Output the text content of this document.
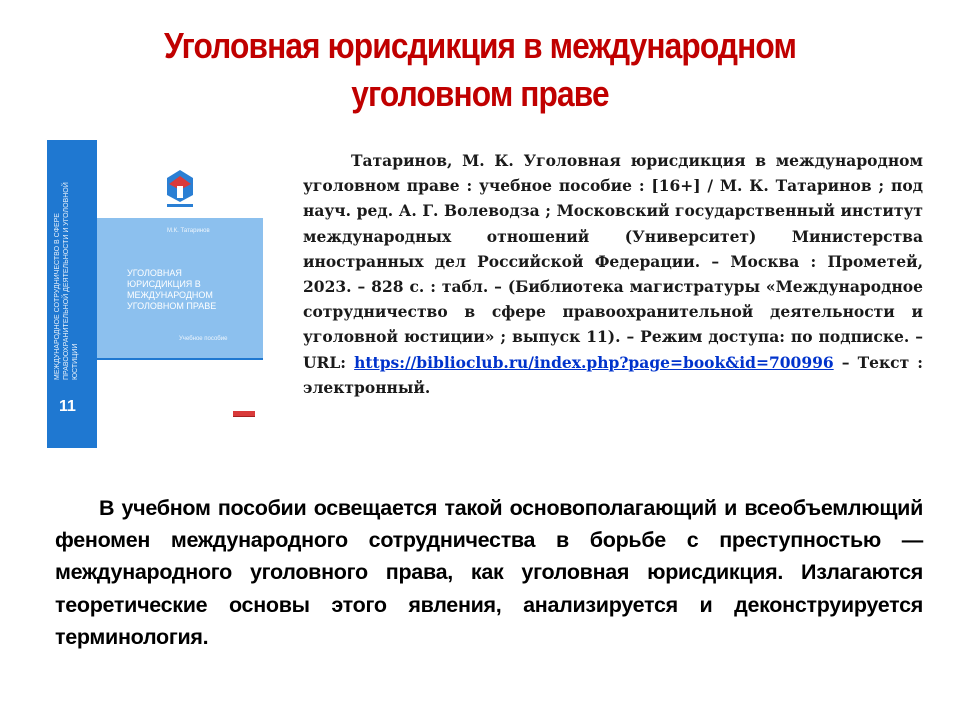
Уголовная юрисдикция в международном уголовном праве
МЕЖДУНАРОДНОЕ СОТРУДНИЧЕСТВО В СФЕРЕ ПРАВООХРАНИТЕЛЬНОЙ ДЕЯТЕЛЬНОСТИ И УГОЛОВНОЙ ЮСТИЦИИ
11
М.К. Татаринов
УГОЛОВНАЯ ЮРИСДИКЦИЯ В МЕЖДУНАРОДНОМ УГОЛОВНОМ ПРАВЕ
Учебное пособие
Татаринов, М. К. Уголовная юрисдикция в международном уголовном праве : учебное пособие : [16+] / М. К. Татаринов ; под науч. ред. А. Г. Волеводза ; Московский государственный институт международных отношений (Университет) Министерства иностранных дел Российской Федерации. – Москва : Прометей, 2023. – 828 с. : табл. – (Библиотека магистратуры «Международное сотрудничество в сфере правоохранительной деятельности и уголовной юстиции» ; выпуск 11). – Режим доступа: по подписке. – URL: https://biblioclub.ru/index.php?page=book&id=700996 – Текст : электронный.
В учебном пособии освещается такой основополагающий и всеобъемлющий феномен международного сотрудничества в борьбе с преступностью — международного уголовного права, как уголовная юрисдикция. Излагаются теоретические основы этого явления, анализируется и деконструируется терминология.
